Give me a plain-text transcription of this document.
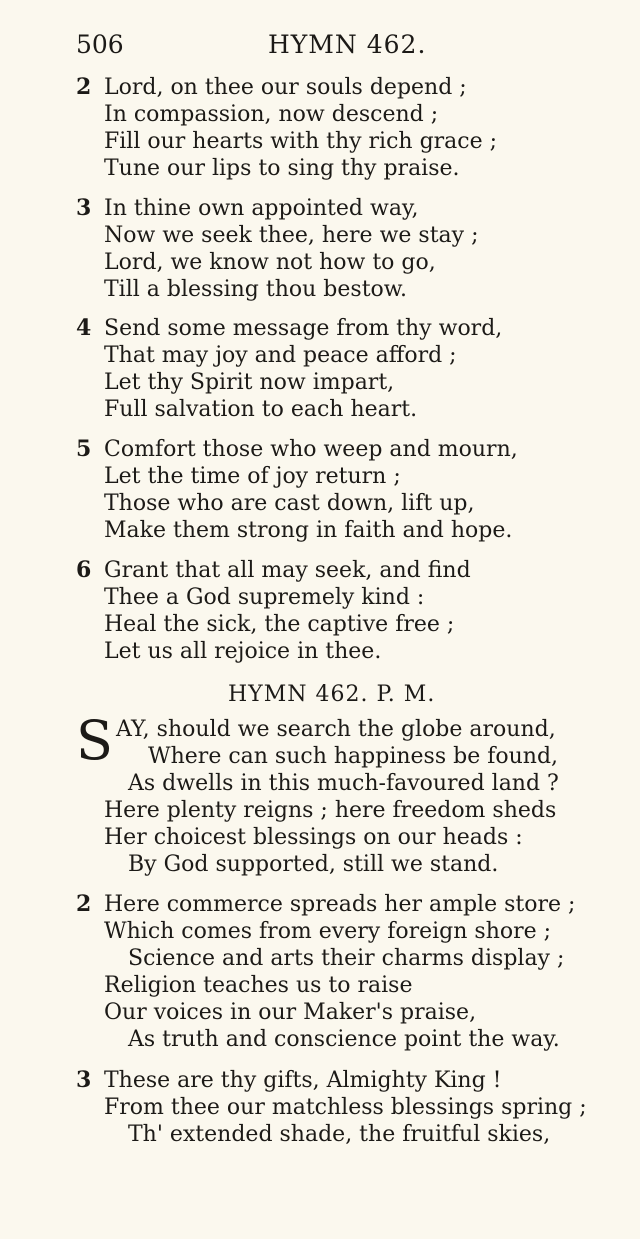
506	HYMN 462.
2 Lord, on thee our souls depend ;
In compassion, now descend ;
Fill our hearts with thy rich grace ;
Tune our lips to sing thy praise.
3 In thine own appointed way,
Now we seek thee, here we stay ;
Lord, we know not how to go,
Till a blessing thou bestow.
4 Send some message from thy word,
That may joy and peace afford ;
Let thy Spirit now impart,
Full salvation to each heart.
5 Comfort those who weep and mourn,
Let the time of joy return ;
Those who are cast down, lift up,
Make them strong in faith and hope.
6 Grant that all may seek, and find
Thee a God supremely kind :
Heal the sick, the captive free ;
Let us all rejoice in thee.
HYMN 462. P. M.
S AY, should we search the globe around,
Where can such happiness be found,
As dwells in this much-favoured land ?
Here plenty reigns ; here freedom sheds
Her choicest blessings on our heads :
By God supported, still we stand.
2 Here commerce spreads her ample store ;
Which comes from every foreign shore ;
Science and arts their charms display ;
Religion teaches us to raise
Our voices in our Maker's praise,
As truth and conscience point the way.
3 These are thy gifts, Almighty King !
From thee our matchless blessings spring ;
Th' extended shade, the fruitful skies,
